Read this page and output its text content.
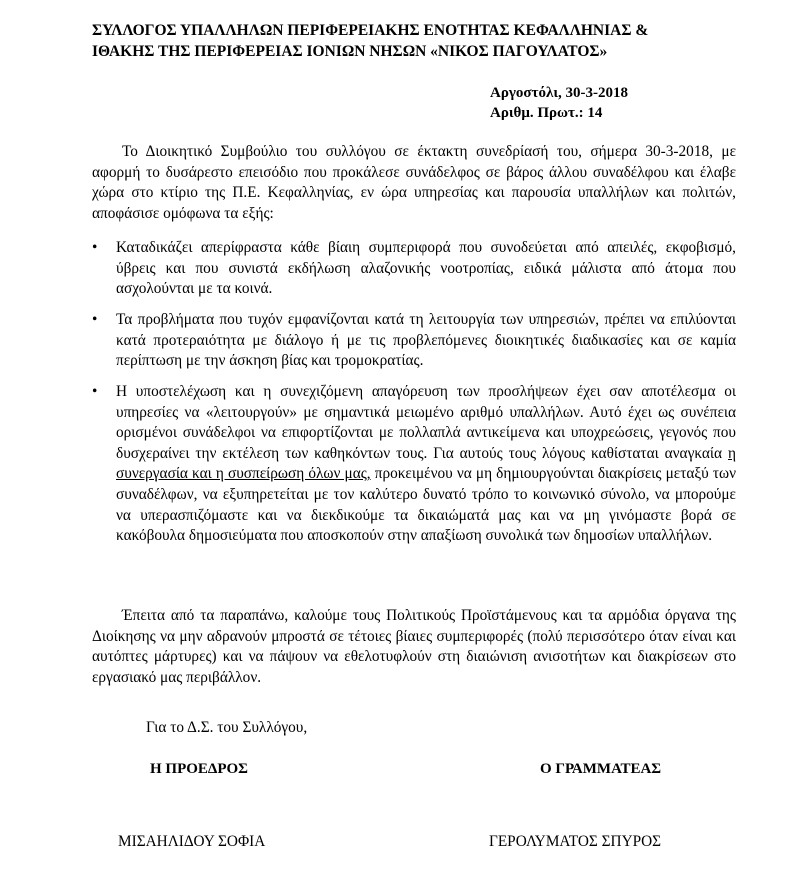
ΣΥΛΛΟΓΟΣ ΥΠΑΛΛΗΛΩΝ ΠΕΡΙΦΕΡΕΙΑΚΗΣ ΕΝΟΤΗΤΑΣ ΚΕΦΑΛΛΗΝΙΑΣ &
ΙΘΑΚΗΣ ΤΗΣ ΠΕΡΙΦΕΡΕΙΑΣ ΙΟΝΙΩΝ ΝΗΣΩΝ «ΝΙΚΟΣ ΠΑΓΟΥΛΑΤΟΣ»
Αργοστόλι, 30-3-2018
Αριθμ. Πρωτ.: 14
Το Διοικητικό Συμβούλιο του συλλόγου σε έκτακτη συνεδρίασή του, σήμερα 30-3-2018, με αφορμή το δυσάρεστο επεισόδιο που προκάλεσε συνάδελφος σε βάρος άλλου συναδέλφου και έλαβε χώρα στο κτίριο της Π.Ε. Κεφαλληνίας, εν ώρα υπηρεσίας και παρουσία υπαλλήλων και πολιτών, αποφάσισε ομόφωνα τα εξής:
•	Καταδικάζει απερίφραστα κάθε βίαιη συμπεριφορά που συνοδεύεται από απειλές, εκφοβισμό, ύβρεις και που συνιστά εκδήλωση αλαζονικής νοοτροπίας, ειδικά μάλιστα από άτομα που ασχολούνται με τα κοινά.
•	Τα προβλήματα που τυχόν εμφανίζονται κατά τη λειτουργία των υπηρεσιών, πρέπει να επιλύονται κατά προτεραιότητα με διάλογο ή με τις προβλεπόμενες διοικητικές διαδικασίες και σε καμία περίπτωση με την άσκηση βίας και τρομοκρατίας.
•	Η υποστελέχωση και η συνεχιζόμενη απαγόρευση των προσλήψεων έχει σαν αποτέλεσμα οι υπηρεσίες να «λειτουργούν» με σημαντικά μειωμένο αριθμό υπαλλήλων. Αυτό έχει ως συνέπεια ορισμένοι συνάδελφοι να επιφορτίζονται με πολλαπλά αντικείμενα και υποχρεώσεις, γεγονός που δυσχεραίνει την εκτέλεση των καθηκόντων τους. Για αυτούς τους λόγους καθίσταται αναγκαία η συνεργασία και η συσπείρωση όλων μας, προκειμένου να μη δημιουργούνται διακρίσεις μεταξύ των συναδέλφων, να εξυπηρετείται με τον καλύτερο δυνατό τρόπο το κοινωνικό σύνολο, να μπορούμε να υπερασπιζόμαστε και να διεκδικούμε τα δικαιώματά μας και να μη γινόμαστε βορά σε κακόβουλα δημοσιεύματα που αποσκοπούν στην απαξίωση συνολικά των δημοσίων υπαλλήλων.
Έπειτα από τα παραπάνω, καλούμε τους Πολιτικούς Προϊστάμενους και τα αρμόδια όργανα της Διοίκησης να μην αδρανούν μπροστά σε τέτοιες βίαιες συμπεριφορές (πολύ περισσότερο όταν είναι και αυτόπτες μάρτυρες) και να πάψουν να εθελοτυφλούν στη διαιώνιση ανισοτήτων και διακρίσεων στο εργασιακό μας περιβάλλον.
Για το Δ.Σ. του Συλλόγου,
Η ΠΡΟΕΔΡΟΣ	Ο ΓΡΑΜΜΑΤΕΑΣ
ΜΙΣΑΗΛΙΔΟΥ ΣΟΦΙΑ	ΓΕΡΟΛΥΜΑΤΟΣ ΣΠΥΡΟΣ
